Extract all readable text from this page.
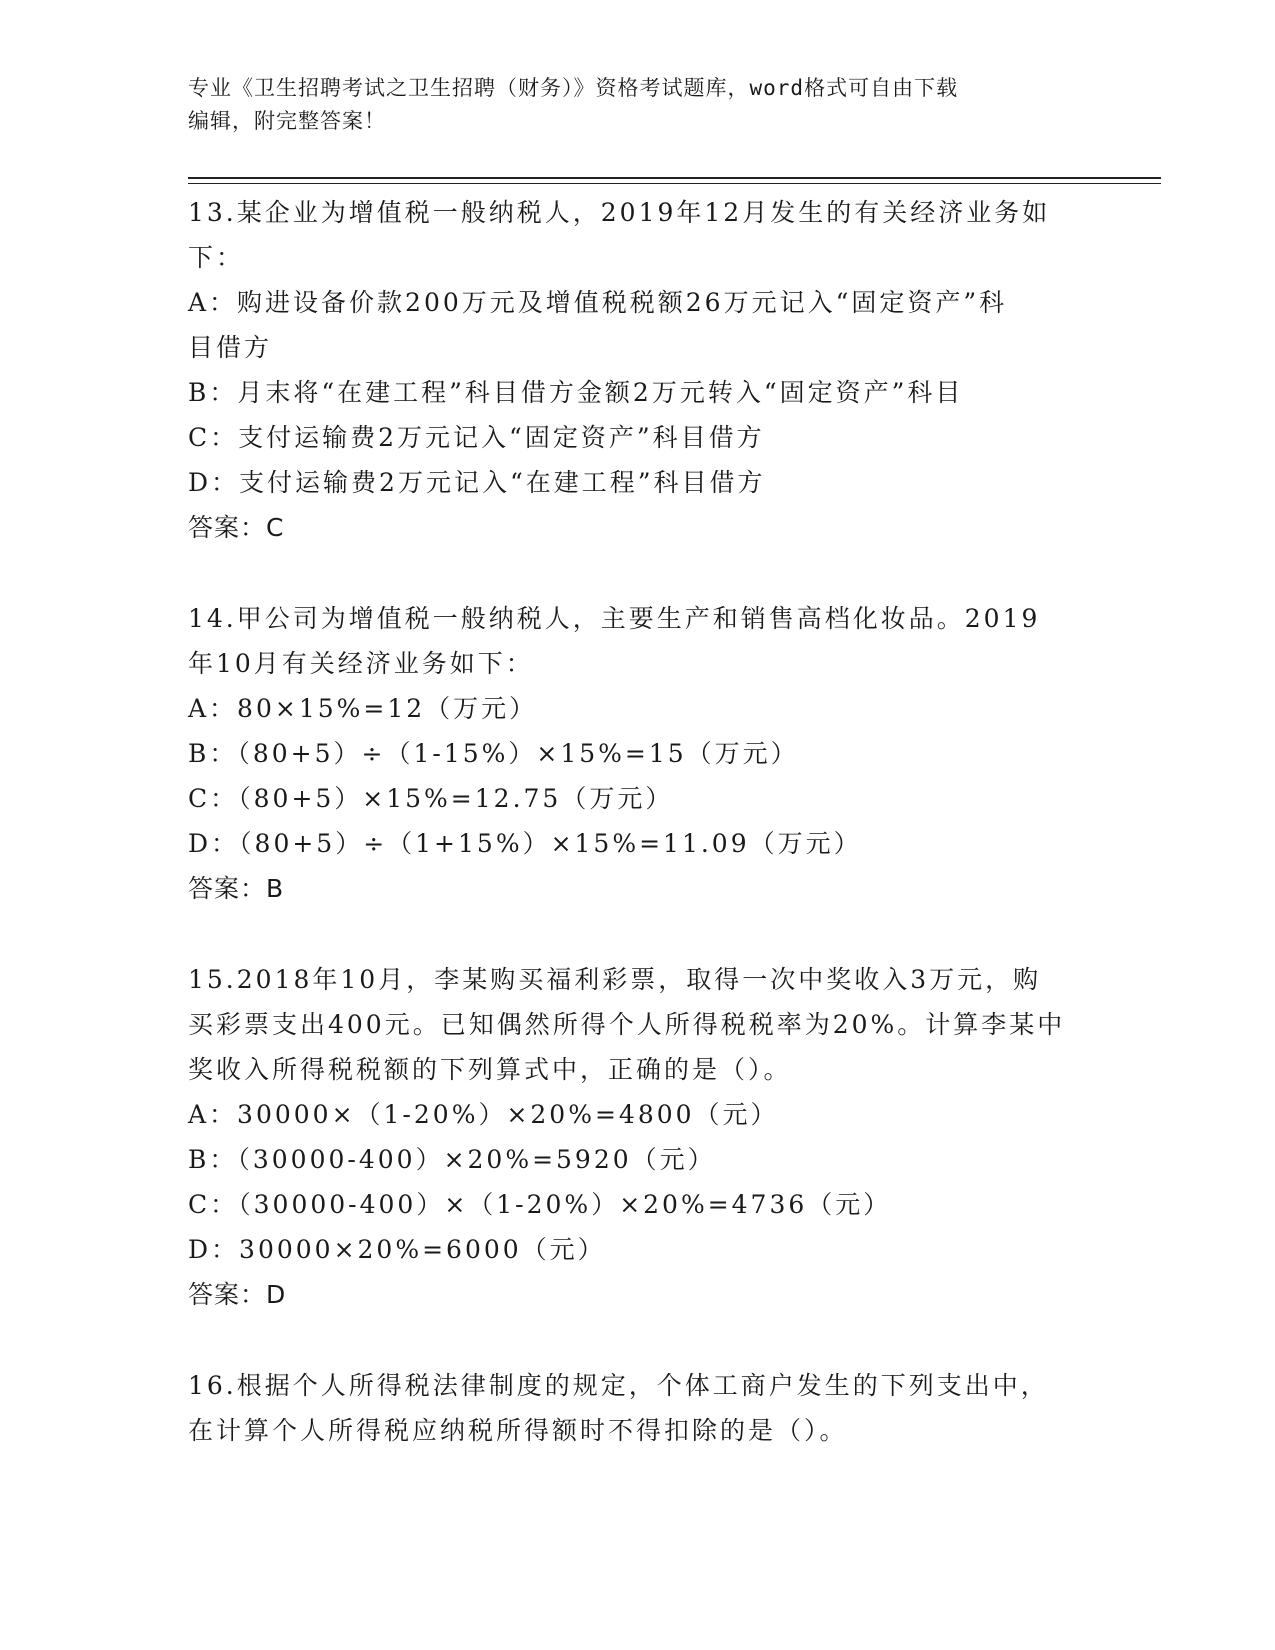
专业《卫生招聘考试之卫生招聘（财务）》资格考试题库，word格式可自由下载
编辑，附完整答案！
13.某企业为增值税一般纳税人，2019年12月发生的有关经济业务如
下：
A：购进设备价款200万元及增值税税额26万元记入“固定资产”科
目借方
B：月末将“在建工程”科目借方金额2万元转入“固定资产”科目
C：支付运输费2万元记入“固定资产”科目借方
D：支付运输费2万元记入“在建工程”科目借方
答案：C
14.甲公司为增值税一般纳税人，主要生产和销售高档化妆品。2019
年10月有关经济业务如下：
A：80×15%=12（万元）
B：（80+5）÷（1-15%）×15%=15（万元）
C：（80+5）×15%=12.75（万元）
D：（80+5）÷（1+15%）×15%=11.09（万元）
答案：B
15.2018年10月，李某购买福利彩票，取得一次中奖收入3万元，购
买彩票支出400元。已知偶然所得个人所得税税率为20%。计算李某中
奖收入所得税税额的下列算式中，正确的是（）。
A：30000×（1-20%）×20%=4800（元）
B：（30000-400）×20%=5920（元）
C：（30000-400）×（1-20%）×20%=4736（元）
D：30000×20%=6000（元）
答案：D
16.根据个人所得税法律制度的规定，个体工商户发生的下列支出中，
在计算个人所得税应纳税所得额时不得扣除的是（）。
